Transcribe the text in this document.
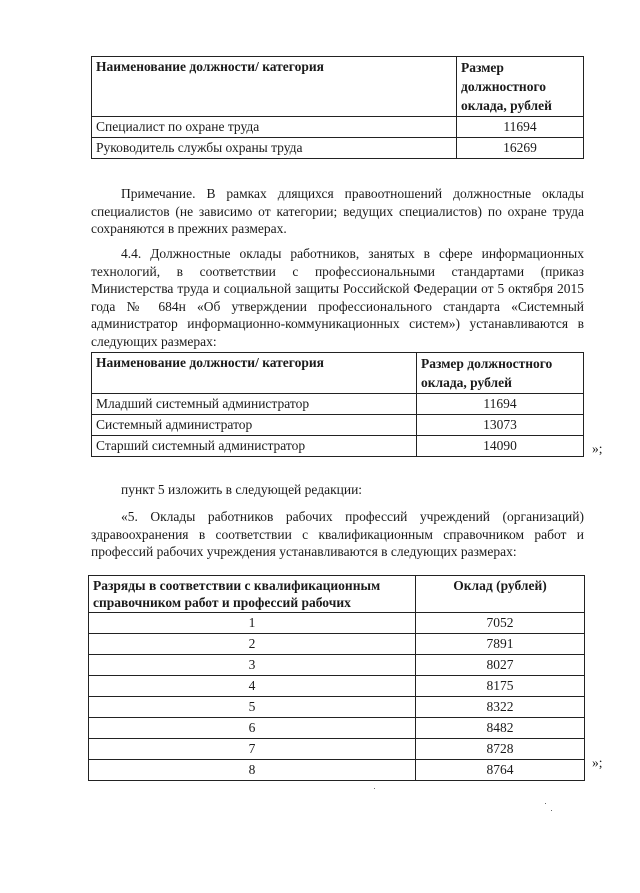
Наименование должности/ категория	Размер должностного оклада, рублей
Специалист по охране труда	11694
Руководитель службы охраны труда	16269

Примечание. В рамках длящихся правоотношений должностные оклады специалистов (не зависимо от категории; ведущих специалистов) по охране труда сохраняются в прежних размерах.

4.4. Должностные оклады работников, занятых в сфере информационных технологий, в соответствии с профессиональными стандартами (приказ Министерства труда и социальной защиты Российской Федерации от 5 октября 2015 года № 684н «Об утверждении профессионального стандарта «Системный администратор информационно-коммуникационных систем») устанавливаются в следующих размерах:

Наименование должности/ категория	Размер должностного оклада, рублей
Младший системный администратор	11694
Системный администратор	13073
Старший системный администратор	14090	»;

пункт 5 изложить в следующей редакции:

«5. Оклады работников рабочих профессий учреждений (организаций) здравоохранения в соответствии с квалификационным справочником работ и профессий рабочих учреждения устанавливаются в следующих размерах:

Разряды в соответствии с квалификационным справочником работ и профессий рабочих	Оклад (рублей)
1	7052
2	7891
3	8027
4	8175
5	8322
6	8482
7	8728
8	8764	»;
